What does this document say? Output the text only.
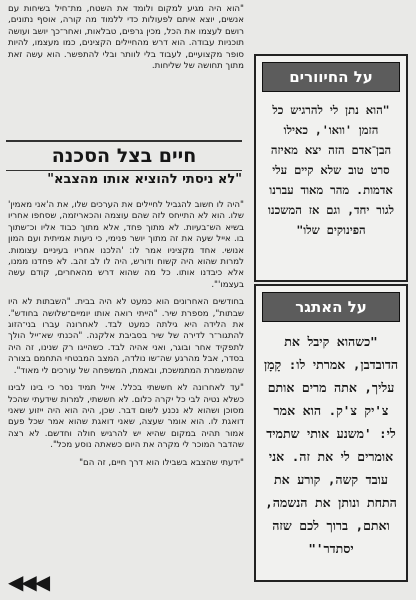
על החיוורים
"הוא נתן לי להרגיש כל הזמן 'וואו', כאילו הבן־אדם הזה יצא מאיזה סרט טוב שלא קיים עלי אדמות. מהר מאוד עברנו לגור יחד, וגם אז המשכנו הפינוקים שלו"
על האתגר
"כשהוא קיבל את הדובדבן, אמרתי לו: קָמָן עליך, אתה מרים אותם צ'יק צ'ק. הוא אמר לי: 'משנע אותי שתמיד אומרים לי את זה. אני עובד קשה, קורע את התחת ונותן את הנשמה, ואתם, ברוך לכם שזה יסתדר'"
"הוא היה מגיע למקום ולומד את השטח, מת־חיל בשיחות עם אנשים, יוצא איתם לפעולות כדי ללמוד מה קורה, אוסף נתונים, רושם לעצמו את הכל, מכין גרפים, טבלאות, ואחר־כך יושב ועושה תוכניות עבודה. הוא דרש מהחיילים הקצינים, כמו מעצמו, להיות סופר מקצועיים, לעבוד בלי לוותר ובלי להתפשר. הוא עשה זאת מתוך תחושה של שליחות.
חיים בצל הסכנה
"לא ניסתי להוציא אותו מהצבא"

"היה לו חשוב להגביל לחיילים את הערכים שלו, את ה'אני מאמין' שלו. הוא לא התייחס לזה שהם עוצמה והכאריזמה, שסחפו אחריו בשיא הש־בעיות. לא מתוך פחד, אלא מתוך כבוד אליו וכ־שתוך בו. אייל שעה את זה מתוך יושר פנימי, כי ניעות אמיתית ועם המון אנושי. אחד מקציניו אמר לו: 'הלכנו אחריו בעיניים עצומות. למרות שהוא היה קשוח ודורש, היה לו לב זהב. לא פחדנו ממנו, אלא כיבדנו אותו. כל מה שהוא דרש מהאחרים, קודם עשה בעצמו'".

בחודשים האחרונים הוא כמעט לא היה בבית. "השבתות לא היו שבתות", מספרת שיר. "הייתי רואה אותו יומיים־שלושה בחודש". את הלידה היא גילתה כמעט לבד. לאחרונה עברו בני־הזוג להתגור־ר לדירה של שיר בסביבת אלקנה. "הכנתי שא־ייל הולך לתפקיד אחר ובוגר, ואני אהיה לבד. כשהייגו רק שנינו, זה היה בסדר, אבל מהרגע שה־שו נולדה, המצב המבטחי התחמם בצורה שהמשמרת המתמשכת, ובאמת, המשפחה של עורכים לי מאוד".

"עד לאחרונה לא חששתי בכלל. אייל תמיד נסר כי בינו לבינו כשלא נטיה לבי כל יקרה כלום. לא חששתי, למרות שידעתי שהכל מסוכן ושהוא לא נכנע לשום דבר. שכן, היה הוא היה ייזוע שאני דואגת לו. הוא אומר שעצה, שאני דואגת שהוא אמר שכל פעם אמור תהיה במקום שהיא יש להרגיש חולה וחדשם. לא רצה שהדבר המוכר לי מקרה את היום כשאתה נוסע מכל".

"ידעתי שהצבא בשבילו הוא דרך חיים, זה הם"

◀◀◀
